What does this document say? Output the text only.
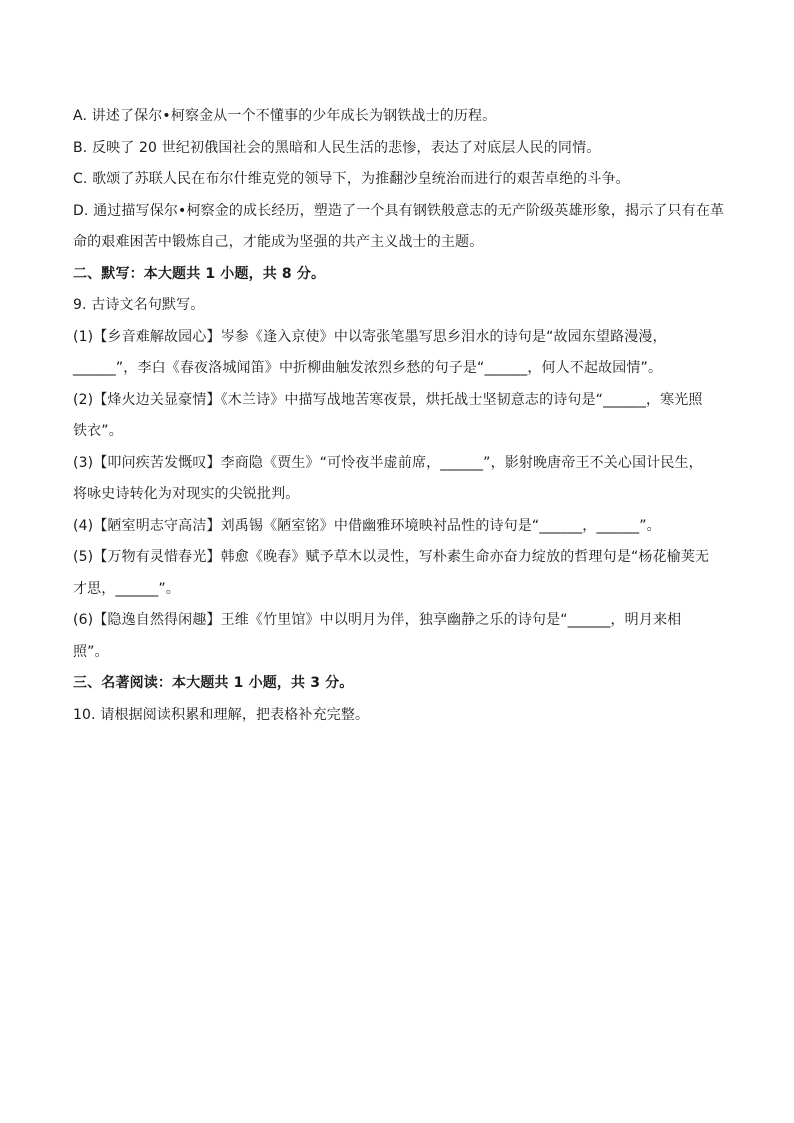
A. 讲述了保尔•柯察金从一个不懂事的少年成长为钢铁战士的历程。
B. 反映了 20 世纪初俄国社会的黑暗和人民生活的悲惨，表达了对底层人民的同情。
C. 歌颂了苏联人民在布尔什维克党的领导下，为推翻沙皇统治而进行的艰苦卓绝的斗争。
D. 通过描写保尔•柯察金的成长经历，塑造了一个具有钢铁般意志的无产阶级英雄形象，揭示了只有在革
命的艰难困苦中锻炼自己，才能成为坚强的共产主义战士的主题。
二、默写：本大题共 1 小题，共 8 分。
9. 古诗文名句默写。
(1)【乡音难解故园心】岑参《逢入京使》中以寄张笔墨写思乡泪水的诗句是“故园东望路漫漫，
______”，李白《春夜洛城闻笛》中折柳曲触发浓烈乡愁的句子是“______，何人不起故园情”。
(2)【烽火边关显豪情】《木兰诗》中描写战地苦寒夜景，烘托战士坚韧意志的诗句是“______，寒光照
铁衣”。
(3)【叩问疾苦发慨叹】李商隐《贾生》“可怜夜半虚前席，______”，影射晚唐帝王不关心国计民生，
将咏史诗转化为对现实的尖锐批判。
(4)【陋室明志守高洁】刘禹锡《陋室铭》中借幽雅环境映衬品性的诗句是“______，______”。
(5)【万物有灵惜春光】韩愈《晚春》赋予草木以灵性，写朴素生命亦奋力绽放的哲理句是“杨花榆荚无
才思，______”。
(6)【隐逸自然得闲趣】王维《竹里馆》中以明月为伴，独享幽静之乐的诗句是“______，明月来相
照”。
三、名著阅读：本大题共 1 小题，共 3 分。
10. 请根据阅读积累和理解，把表格补充完整。
